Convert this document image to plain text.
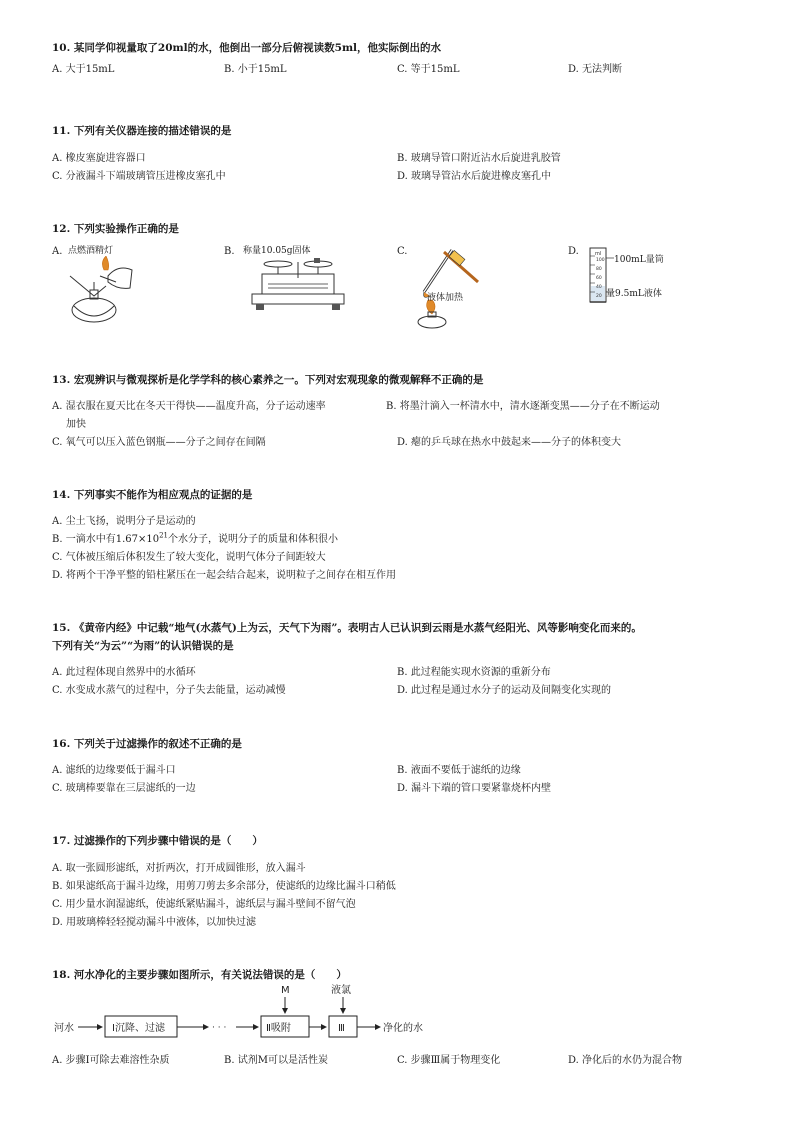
10. 某同学仰视量取了20ml的水，他倒出一部分后俯视读数5ml，他实际倒出的水
A. 大于15mL	B. 小于15mL	C. 等于15mL	D. 无法判断
11. 下列有关仪器连接的描述错误的是
A. 橡皮塞旋进容器口	B. 玻璃导管口附近沾水后旋进乳胶管
C. 分液漏斗下端玻璃管压进橡皮塞孔中	D. 玻璃导管沾水后旋进橡皮塞孔中
12. 下列实验操作正确的是
A.	B.	C.	D.
点燃酒精灯	称量10.05g固体
液体加热
ml
100
80
60
40
20
100mL量筒
量9.5mL液体
13. 宏观辨识与微观探析是化学学科的核心素养之一。下列对宏观现象的微观解释不正确的是
A. 湿衣服在夏天比在冬天干得快——温度升高，分子运动速率
加快
B. 将墨汁滴入一杯清水中，清水逐渐变黑——分子在不断运动
C. 氧气可以压入蓝色钢瓶——分子之间存在间隔	D. 瘪的乒乓球在热水中鼓起来——分子的体积变大
14. 下列事实不能作为相应观点的证据的是
A. 尘土飞扬，说明分子是运动的
B. 一滴水中有$1.67\times 10^{21}$个水分子，说明分子的质量和体积很小
C. 气体被压缩后体积发生了较大变化，说明气体分子间距较大
D. 将两个干净平整的铅柱紧压在一起会结合起来，说明粒子之间存在相互作用
15. 《黄帝内经》中记载“地气(水蒸气)上为云，天气下为雨”。表明古人已认识到云雨是水蒸气经阳光、风等影响变化而来的。
下列有关“为云”“为雨”的认识错误的是
A. 此过程体现自然界中的水循环	B. 此过程能实现水资源的重新分布
C. 水变成水蒸气的过程中，分子失去能量，运动减慢	D. 此过程是通过水分子的运动及间隔变化实现的
16. 下列关于过滤操作的叙述不正确的是
A. 滤纸的边缘要低于漏斗口	B. 液面不要低于滤纸的边缘
C. 玻璃棒要靠在三层滤纸的一边	D. 漏斗下端的管口要紧靠烧杯内壁
17. 过滤操作的下列步骤中错误的是（　　）
A. 取一张圆形滤纸，对折两次，打开成圆锥形，放入漏斗
B. 如果滤纸高于漏斗边缘，用剪刀剪去多余部分，使滤纸的边缘比漏斗口稍低
C. 用少量水润湿滤纸，使滤纸紧贴漏斗，滤纸层与漏斗壁间不留气泡
D. 用玻璃棒轻轻搅动漏斗中液体，以加快过滤
18. 河水净化的主要步骤如图所示，有关说法错误的是（　　）
河水	Ⅰ沉降、过滤	· · ·	Ⅱ吸附
M
Ⅲ
液氯
净化的水
A. 步骤Ⅰ可除去难溶性杂质	B. 试剂M可以是活性炭	C. 步骤Ⅲ属于物理变化	D. 净化后的水仍为混合物
